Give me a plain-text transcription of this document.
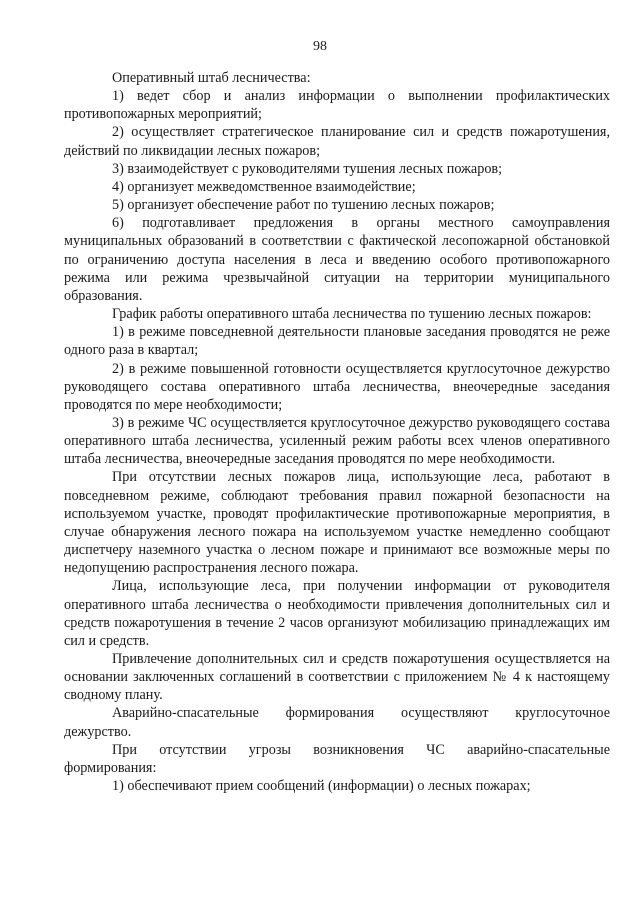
98

Оперативный штаб лесничества:

1) ведет сбор и анализ информации о выполнении профилактических противопожарных мероприятий;

2) осуществляет стратегическое планирование сил и средств пожаротушения, действий по ликвидации лесных пожаров;

3) взаимодействует с руководителями тушения лесных пожаров;

4) организует межведомственное взаимодействие;

5) организует обеспечение работ по тушению лесных пожаров;

6) подготавливает предложения в органы местного самоуправления муниципальных образований в соответствии с фактической лесопожарной обстановкой по ограничению доступа населения в леса и введению особого противопожарного режима или режима чрезвычайной ситуации на территории муниципального образования.

График работы оперативного штаба лесничества по тушению лесных пожаров:

1) в режиме повседневной деятельности плановые заседания проводятся не реже одного раза в квартал;

2) в режиме повышенной готовности осуществляется круглосуточное дежурство руководящего состава оперативного штаба лесничества, внеочередные заседания проводятся по мере необходимости;

3) в режиме ЧС осуществляется круглосуточное дежурство руководящего состава оперативного штаба лесничества, усиленный режим работы всех членов оперативного штаба лесничества, внеочередные заседания проводятся по мере необходимости.

При отсутствии лесных пожаров лица, использующие леса, работают в повседневном режиме, соблюдают требования правил пожарной безопасности на используемом участке, проводят профилактические противопожарные мероприятия, в случае обнаружения лесного пожара на используемом участке немедленно сообщают диспетчеру наземного участка о лесном пожаре и принимают все возможные меры по недопущению распространения лесного пожара.

Лица, использующие леса, при получении информации от руководителя оперативного штаба лесничества о необходимости привлечения дополнительных сил и средств пожаротушения в течение 2 часов организуют мобилизацию принадлежащих им сил и средств.

Привлечение дополнительных сил и средств пожаротушения осуществляется на основании заключенных соглашений в соответствии с приложением № 4 к настоящему сводному плану.

Аварийно-спасательные формирования осуществляют круглосуточное дежурство.

При отсутствии угрозы возникновения ЧС аварийно-спасательные формирования:

1) обеспечивают прием сообщений (информации) о лесных пожарах;
